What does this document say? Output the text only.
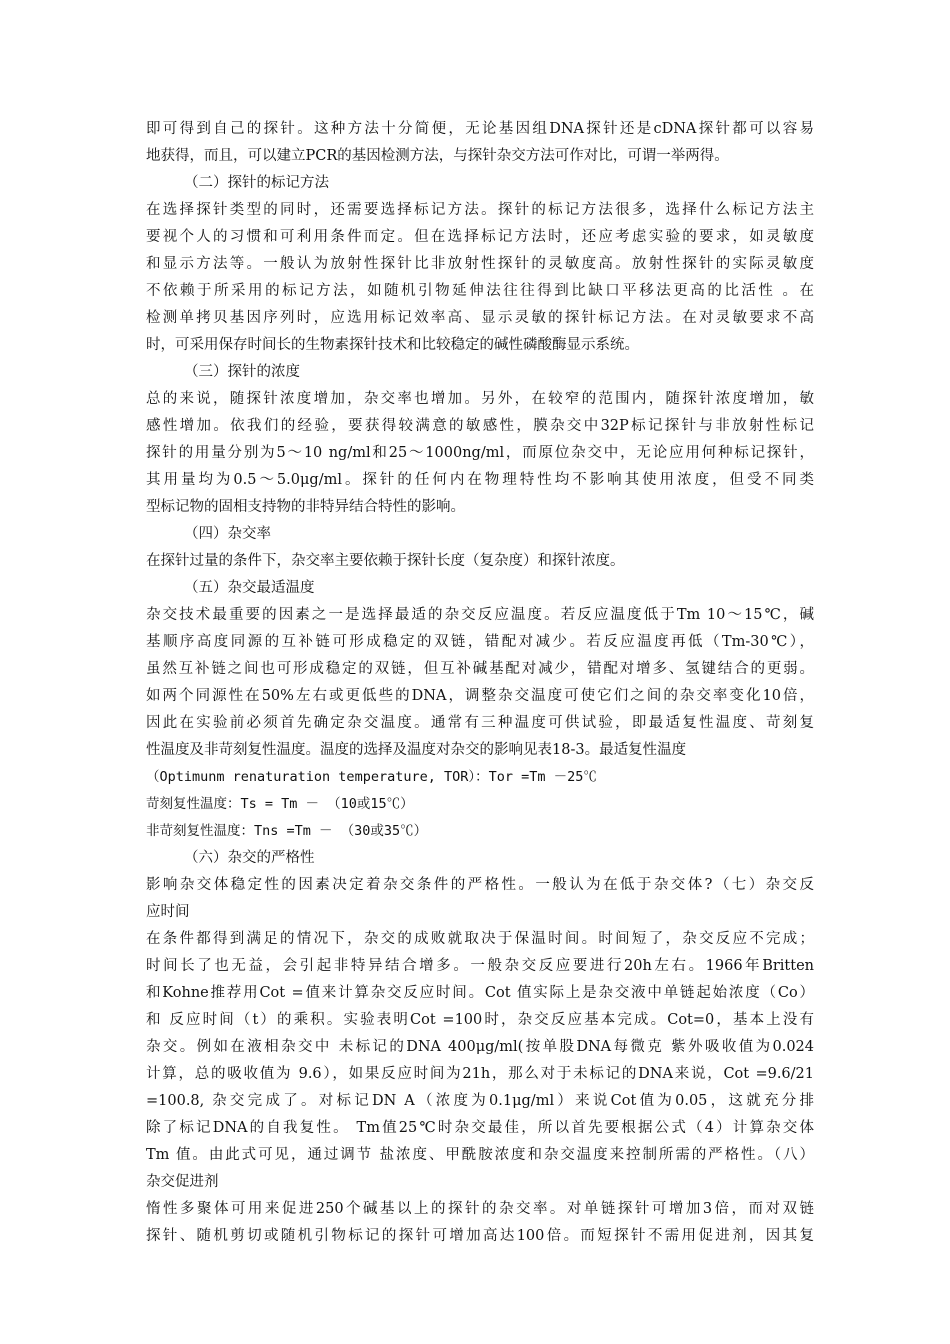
即可得到自己的探针。这种方法十分简便，无论基因组DNA探针还是cDNA探针都可以容易
地获得，而且，可以建立PCR的基因检测方法，与探针杂交方法可作对比，可谓一举两得。
（二）探针的标记方法
在选择探针类型的同时，还需要选择标记方法。探针的标记方法很多，选择什么标记方法主
要视个人的习惯和可利用条件而定。但在选择标记方法时，还应考虑实验的要求，如灵敏度
和显示方法等。一般认为放射性探针比非放射性探针的灵敏度高。放射性探针的实际灵敏度
不依赖于所采用的标记方法，如随机引物延伸法往往得到比缺口平移法更高的比活性 。在
检测单拷贝基因序列时，应选用标记效率高、显示灵敏的探针标记方法。在对灵敏要求不高
时，可采用保存时间长的生物素探针技术和比较稳定的碱性磷酸酶显示系统。
（三）探针的浓度
总的来说，随探针浓度增加，杂交率也增加。另外，在较窄的范围内，随探针浓度增加，敏
感性增加。依我们的经验，要获得较满意的敏感性，膜杂交中32P标记探针与非放射性标记
探针的用量分别为5～10 ng/ml和25～1000ng/ml，而原位杂交中，无论应用何种标记探针，
其用量均为0.5～5.0μg/ml。探针的任何内在物理特性均不影响其使用浓度，但受不同类
型标记物的固相支持物的非特异结合特性的影响。
（四）杂交率
在探针过量的条件下，杂交率主要依赖于探针长度（复杂度）和探针浓度。
（五）杂交最适温度
杂交技术最重要的因素之一是选择最适的杂交反应温度。若反应温度低于Tm 10～15℃，碱
基顺序高度同源的互补链可形成稳定的双链，错配对减少。若反应温度再低（Tm-30℃），
虽然互补链之间也可形成稳定的双链，但互补碱基配对减少，错配对增多、氢键结合的更弱。
如两个同源性在50%左右或更低些的DNA，调整杂交温度可使它们之间的杂交率变化10倍，
因此在实验前必须首先确定杂交温度。通常有三种温度可供试验，即最适复性温度、苛刻复
性温度及非苛刻复性温度。温度的选择及温度对杂交的影响见表18-3。最适复性温度
（Optimunm renaturation temperature, TOR）：Tor =Tm －25℃
苛刻复性温度：Ts = Tm － （10或15℃）
非苛刻复性温度：Tns =Tm － （30或35℃）
（六）杂交的严格性
影响杂交体稳定性的因素决定着杂交条件的严格性。一般认为在低于杂交体?（七）杂交反
应时间
在条件都得到满足的情况下，杂交的成败就取决于保温时间。时间短了，杂交反应不完成；
时间长了也无益，会引起非特异结合增多。一般杂交反应要进行20h左右。1966年Britten
和Kohne推荐用Cot =值来计算杂交反应时间。Cot 值实际上是杂交液中单链起始浓度（Co）
和 反应时间（t）的乘积。实验表明Cot =100时，杂交反应基本完成。Cot=0，基本上没有
杂交。例如在液相杂交中 未标记的DNA 400μg/ml(按单股DNA每微克 紫外吸收值为0.024
计算，总的吸收值为 9.6），如果反应时间为21h，那么对于未标记的DNA来说，Cot =9.6/21
=100.8, 杂交完成了。对标记DN A（浓度为0.1μg/ml）来说Cot值为0.05，这就充分排
除了标记DNA的自我复性。 Tm值25℃时杂交最佳，所以首先要根据公式（4）计算杂交体
Tm 值。由此式可见，通过调节 盐浓度、甲酰胺浓度和杂交温度来控制所需的严格性。（八）
杂交促进剂
惰性多聚体可用来促进250个碱基以上的探针的杂交率。对单链探针可增加3倍，而对双链
探针、随机剪切或随机引物标记的探针可增加高达100倍。而短探针不需用促进剂，因其复
